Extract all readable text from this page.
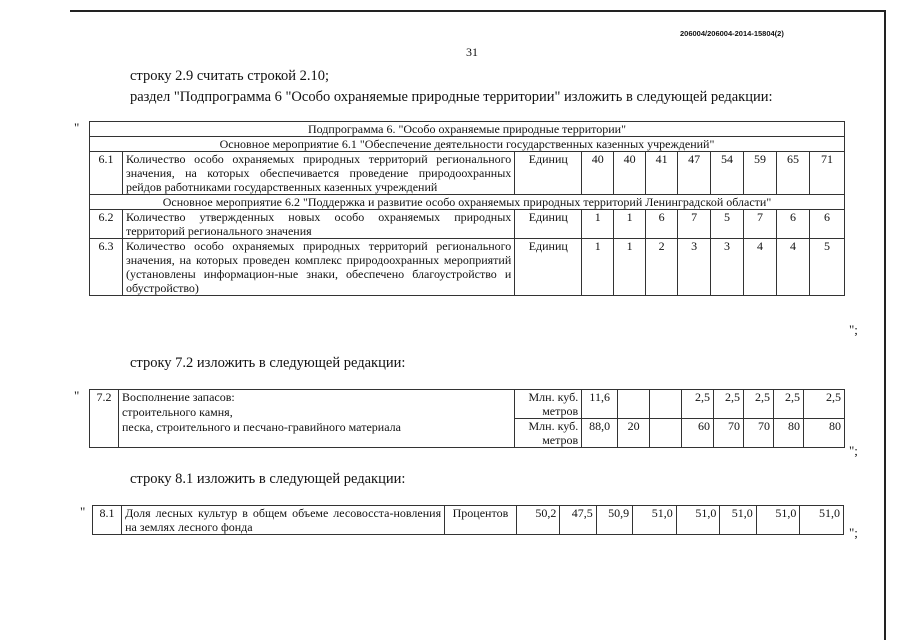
206004/206004-2014-15804(2)
31
строку 2.9 считать строкой 2.10;
раздел "Подпрограмма 6 "Особо охраняемые природные территории" изложить в следующей редакции:
"	Подпрограмма 6. "Особо охраняемые природные территории"										
Основное мероприятие 6.1 "Обеспечение деятельности государственных казенных учреждений"										
6.1	Количество особо охраняемых природных территорий регионального значения, на которых обеспечивается проведение природоохранных рейдов работниками государственных казенных учреждений	Единиц	40	40	41	47	54	59	65	71
Основное мероприятие 6.2 "Поддержка и развитие особо охраняемых природных территорий Ленинградской области"										
6.2	Количество утвержденных новых особо охраняемых природных территорий регионального значения	Единиц	1	1	6	7	5	7	6	6
6.3	Количество особо охраняемых природных территорий регионального значения, на которых проведен комплекс природоохранных мероприятий (установлены информацион-ные знаки, обеспечено благоустройство и обустройство)	Единиц	1	1	2	3	3	4	4	5
";
строку 7.2 изложить в следующей редакции:
" 7.2	Восполнение запасов:
строительного камня,
песка, строительного и песчано-гравийного материала	Млн. куб. метров	11,6			2,5	2,5	2,5	2,5	2,5
		Млн. куб. метров	88,0	20		60	70	70	80	80
";
строку 8.1 изложить в следующей редакции:
" 8.1	Доля лесных культур в общем объеме лесовосста-новления на землях лесного фонда	Процентов	50,2	47,5	50,9	51,0	51,0	51,0	51,0	51,0
";
